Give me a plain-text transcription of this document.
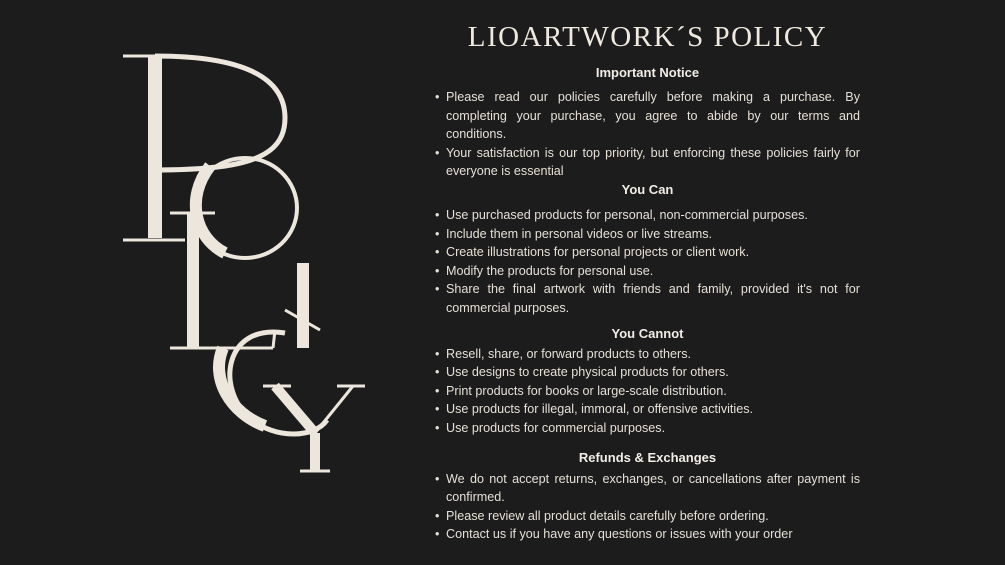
LIOARTWORK´S POLICY

Important Notice

• Please read our policies carefully before making a purchase. By completing your purchase, you agree to abide by our terms and conditions.
• Your satisfaction is our top priority, but enforcing these policies fairly for everyone is essential

You Can

• Use purchased products for personal, non-commercial purposes.
• Include them in personal videos or live streams.
• Create illustrations for personal projects or client work.
• Modify the products for personal use.
• Share the final artwork with friends and family, provided it's not for commercial purposes.

You Cannot

• Resell, share, or forward products to others.
• Use designs to create physical products for others.
• Print products for books or large-scale distribution.
• Use products for illegal, immoral, or offensive activities.
• Use products for commercial purposes.

Refunds & Exchanges

• We do not accept returns, exchanges, or cancellations after payment is confirmed.
• Please review all product details carefully before ordering.
• Contact us if you have any questions or issues with your order
